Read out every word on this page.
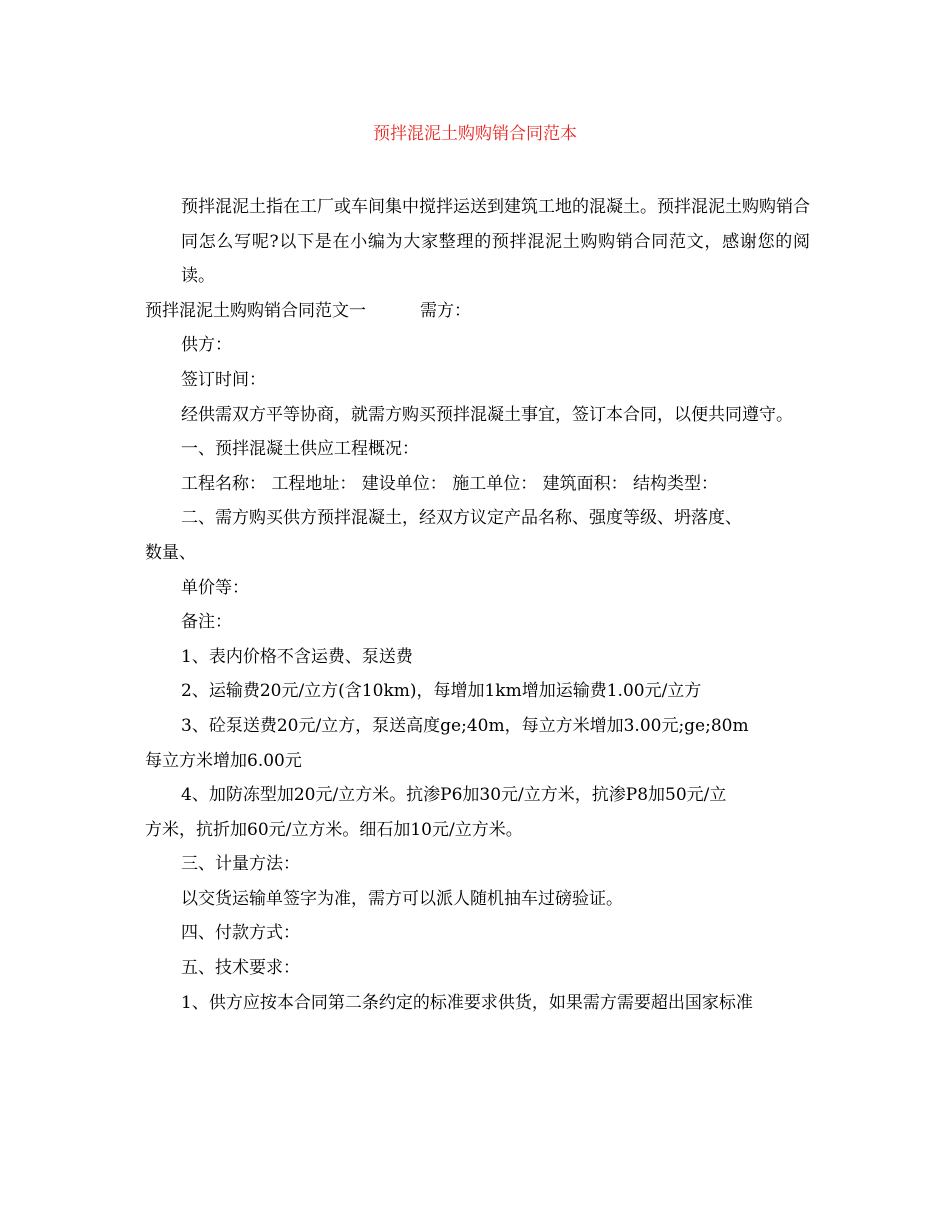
预拌混泥土购购销合同范本

预拌混泥土指在工厂或车间集中搅拌运送到建筑工地的混凝土。预拌混泥土购购销合同怎么写呢?以下是在小编为大家整理的预拌混泥土购购销合同范文，感谢您的阅读。

预拌混泥土购购销合同范文一	需方：

供方：

签订时间：

经供需双方平等协商，就需方购买预拌混凝土事宜，签订本合同，以便共同遵守。

一、预拌混凝土供应工程概况：

工程名称： 工程地址： 建设单位： 施工单位： 建筑面积： 结构类型：

二、需方购买供方预拌混凝土，经双方议定产品名称、强度等级、坍落度、

数量、

单价等：

备注：

1、表内价格不含运费、泵送费

2、运输费20元/立方(含10km)，每增加1km增加运输费1.00元/立方

3、砼泵送费20元/立方，泵送高度ge;40m，每立方米增加3.00元;ge;80m

每立方米增加6.00元

4、加防冻型加20元/立方米。抗渗P6加30元/立方米，抗渗P8加50元/立

方米，抗折加60元/立方米。细石加10元/立方米。

三、计量方法：

以交货运输单签字为准，需方可以派人随机抽车过磅验证。

四、付款方式：

五、技术要求：

1、供方应按本合同第二条约定的标准要求供货，如果需方需要超出国家标准
